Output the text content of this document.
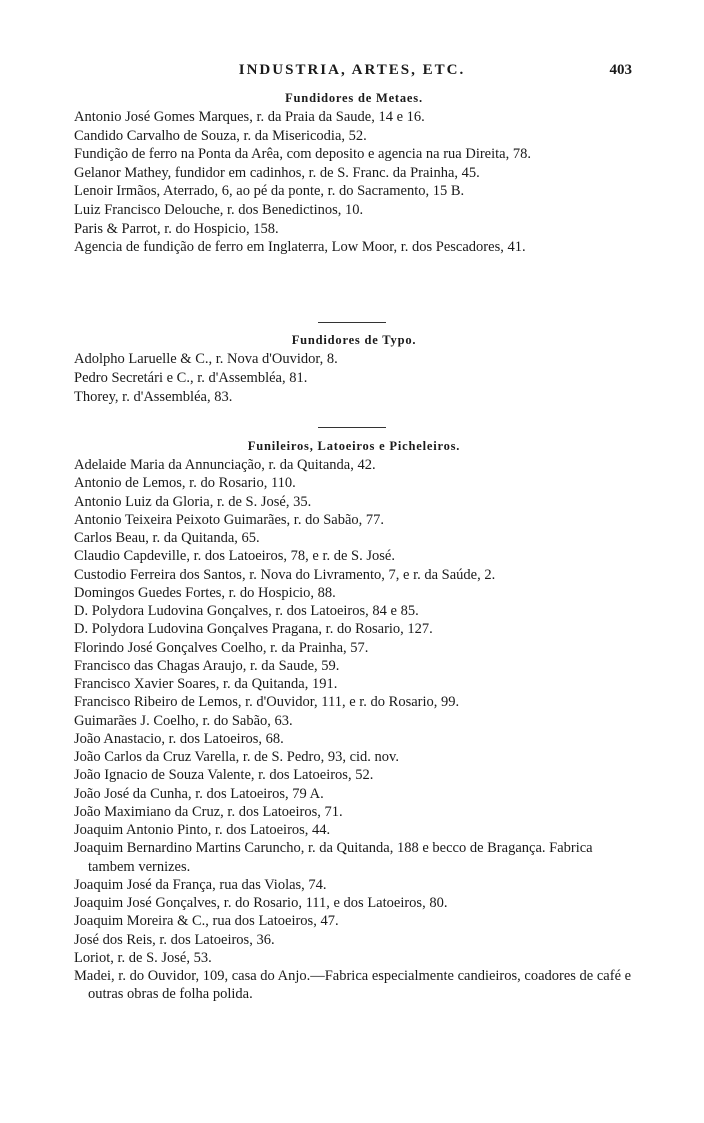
INDUSTRIA, ARTES, ETC.	403
Fundidores de Metaes.

Antonio José Gomes Marques, r. da Praia da Saude, 14 e 16.

Candido Carvalho de Souza, r. da Misericodia, 52.

Fundição de ferro na Ponta da Arêa, com deposito e agencia na rua Direita, 78.

Gelanor Mathey, fundidor em cadinhos, r. de S. Franc. da Prainha, 45.

Lenoir Irmãos, Aterrado, 6, ao pé da ponte, r. do Sacramento, 15 B.

Luiz Francisco Delouche, r. dos Benedictinos, 10.

Paris & Parrot, r. do Hospicio, 158.

Agencia de fundição de ferro em Inglaterra, Low Moor, r. dos Pescadores, 41.

Fundidores de Typo.

Adolpho Laruelle & C., r. Nova d'Ouvidor, 8.

Pedro Secretári e C., r. d'Assembléa, 81.

Thorey, r. d'Assembléa, 83.

Funileiros, Latoeiros e Picheleiros.

Adelaide Maria da Annunciação, r. da Quitanda, 42.

Antonio de Lemos, r. do Rosario, 110.

Antonio Luiz da Gloria, r. de S. José, 35.

Antonio Teixeira Peixoto Guimarães, r. do Sabão, 77.

Carlos Beau, r. da Quitanda, 65.

Claudio Capdeville, r. dos Latoeiros, 78, e r. de S. José.

Custodio Ferreira dos Santos, r. Nova do Livramento, 7, e r. da Saúde, 2.

Domingos Guedes Fortes, r. do Hospicio, 88.

D. Polydora Ludovina Gonçalves, r. dos Latoeiros, 84 e 85.

D. Polydora Ludovina Gonçalves Pragana, r. do Rosario, 127.

Florindo José Gonçalves Coelho, r. da Prainha, 57.

Francisco das Chagas Araujo, r. da Saude, 59.

Francisco Xavier Soares, r. da Quitanda, 191.

Francisco Ribeiro de Lemos, r. d'Ouvidor, 111, e r. do Rosario, 99.

Guimarães J. Coelho, r. do Sabão, 63.

João Anastacio, r. dos Latoeiros, 68.

João Carlos da Cruz Varella, r. de S. Pedro, 93, cid. nov.

João Ignacio de Souza Valente, r. dos Latoeiros, 52.

João José da Cunha, r. dos Latoeiros, 79 A.

João Maximiano da Cruz, r. dos Latoeiros, 71.

Joaquim Antonio Pinto, r. dos Latoeiros, 44.

Joaquim Bernardino Martins Caruncho, r. da Quitanda, 188 e becco de Bragança. Fabrica tambem vernizes.

Joaquim José da França, rua das Violas, 74.

Joaquim José Gonçalves, r. do Rosario, 111, e dos Latoeiros, 80.

Joaquim Moreira & C., rua dos Latoeiros, 47.

José dos Reis, r. dos Latoeiros, 36.

Loriot, r. de S. José, 53.

Madei, r. do Ouvidor, 109, casa do Anjo.—Fabrica especialmente candieiros, coadores de café e outras obras de folha polida.
